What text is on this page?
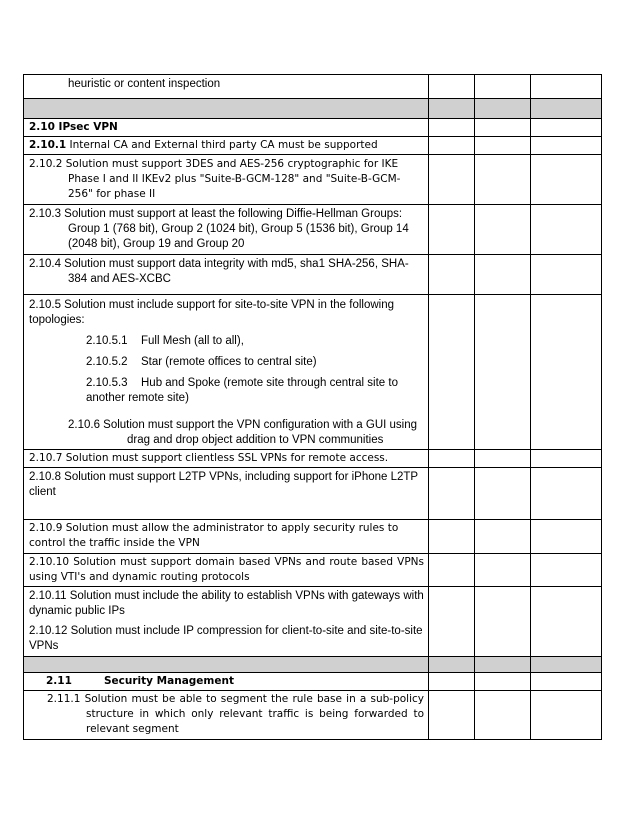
heuristic or content inspection			

2.10 IPsec VPN			

2.10.1 Internal CA and External third party CA must be supported			

2.10.2 Solution must support 3DES and AES-256 cryptographic for IKE Phase I and II IKEv2 plus "Suite-B-GCM-128" and "Suite-B-GCM-256" for phase II			

2.10.3 Solution must support at least the following Diffie-Hellman Groups: Group 1 (768 bit), Group 2 (1024 bit), Group 5 (1536 bit), Group 14 (2048 bit), Group 19 and Group 20			

2.10.4 Solution must support data integrity with md5, sha1 SHA-256, SHA-384 and AES-XCBC			

2.10.5 Solution must include support for site-to-site VPN in the following topologies:
2.10.5.1 Full Mesh (all to all),
2.10.5.2 Star (remote offices to central site)
2.10.5.3 Hub and Spoke (remote site through central site to another remote site)
2.10.6 Solution must support the VPN configuration with a GUI using drag and drop object addition to VPN communities			

2.10.7 Solution must support clientless SSL VPNs for remote access.			

2.10.8 Solution must support L2TP VPNs, including support for iPhone L2TP client			

2.10.9 Solution must allow the administrator to apply security rules to control the traffic inside the VPN			

2.10.10 Solution must support domain based VPNs and route based VPNs using VTI's and dynamic routing protocols			

2.10.11 Solution must include the ability to establish VPNs with gateways with dynamic public IPs
2.10.12 Solution must include IP compression for client-to-site and site-to-site VPNs			

2.11 Security Management			

2.11.1 Solution must be able to segment the rule base in a sub-policy structure in which only relevant traffic is being forwarded to relevant segment			
